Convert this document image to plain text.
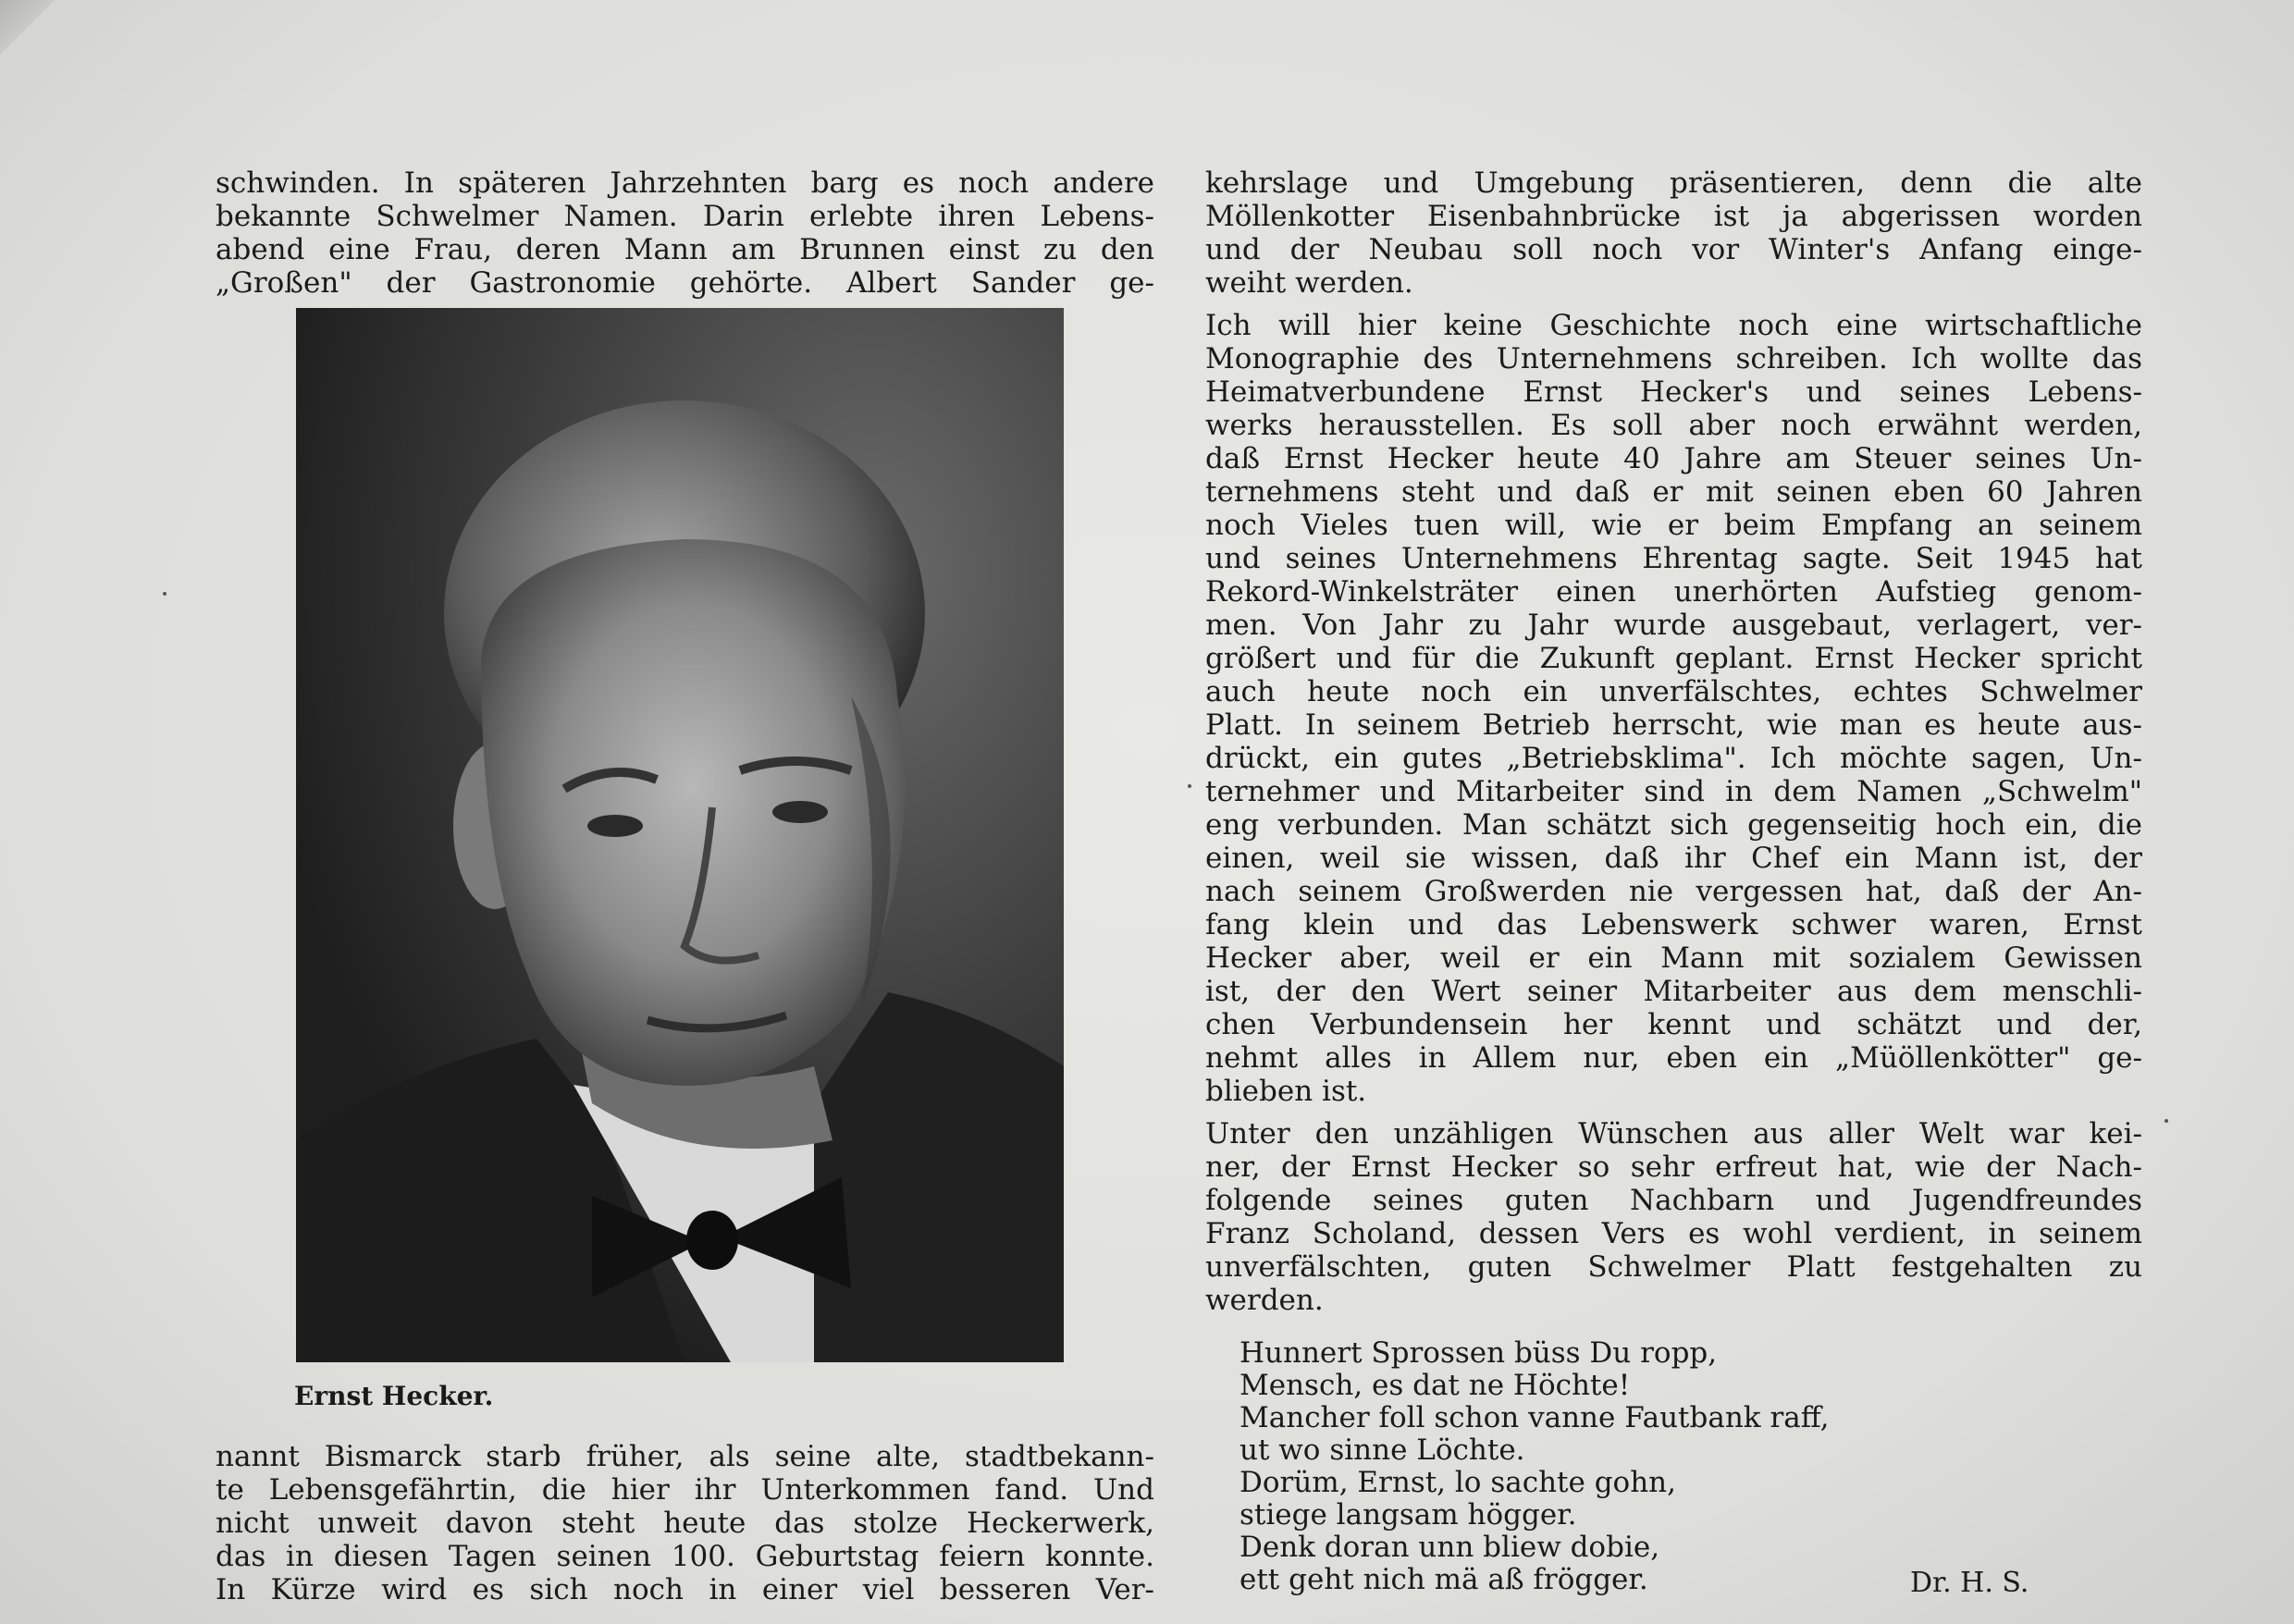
schwinden. In späteren Jahrzehnten barg es noch andere
bekannte Schwelmer Namen. Darin erlebte ihren Lebens-
abend eine Frau, deren Mann am Brunnen einst zu den
„Großen" der Gastronomie gehörte. Albert Sander ge-
Ernst Hecker.
nannt Bismarck starb früher, als seine alte, stadtbekann-
te Lebensgefährtin, die hier ihr Unterkommen fand. Und
nicht unweit davon steht heute das stolze Heckerwerk,
das in diesen Tagen seinen 100. Geburtstag feiern konnte.
In Kürze wird es sich noch in einer viel besseren Ver-
kehrslage und Umgebung präsentieren, denn die alte
Möllenkotter Eisenbahnbrücke ist ja abgerissen worden
und der Neubau soll noch vor Winter's Anfang einge-
weiht werden.
Ich will hier keine Geschichte noch eine wirtschaftliche
Monographie des Unternehmens schreiben. Ich wollte das
Heimatverbundene Ernst Hecker's und seines Lebens-
werks herausstellen. Es soll aber noch erwähnt werden,
daß Ernst Hecker heute 40 Jahre am Steuer seines Un-
ternehmens steht und daß er mit seinen eben 60 Jahren
noch Vieles tuen will, wie er beim Empfang an seinem
und seines Unternehmens Ehrentag sagte. Seit 1945 hat
Rekord-Winkelsträter einen unerhörten Aufstieg genom-
men. Von Jahr zu Jahr wurde ausgebaut, verlagert, ver-
größert und für die Zukunft geplant. Ernst Hecker spricht
auch heute noch ein unverfälschtes, echtes Schwelmer
Platt. In seinem Betrieb herrscht, wie man es heute aus-
drückt, ein gutes „Betriebsklima". Ich möchte sagen, Un-
ternehmer und Mitarbeiter sind in dem Namen „Schwelm"
eng verbunden. Man schätzt sich gegenseitig hoch ein, die
einen, weil sie wissen, daß ihr Chef ein Mann ist, der
nach seinem Großwerden nie vergessen hat, daß der An-
fang klein und das Lebenswerk schwer waren, Ernst
Hecker aber, weil er ein Mann mit sozialem Gewissen
ist, der den Wert seiner Mitarbeiter aus dem menschli-
chen Verbundensein her kennt und schätzt und der,
nehmt alles in Allem nur, eben ein „Müöllenkötter" ge-
blieben ist.
Unter den unzähligen Wünschen aus aller Welt war kei-
ner, der Ernst Hecker so sehr erfreut hat, wie der Nach-
folgende seines guten Nachbarn und Jugendfreundes
Franz Scholand, dessen Vers es wohl verdient, in seinem
unverfälschten, guten Schwelmer Platt festgehalten zu
werden.
Hunnert Sprossen büss Du ropp,
Mensch, es dat ne Höchte!
Mancher foll schon vanne Fautbank raff,
ut wo sinne Löchte.
Dorüm, Ernst, lo sachte gohn,
stiege langsam högger.
Denk doran unn bliew dobie,
ett geht nich mä aß frögger.	Dr. H. S.
